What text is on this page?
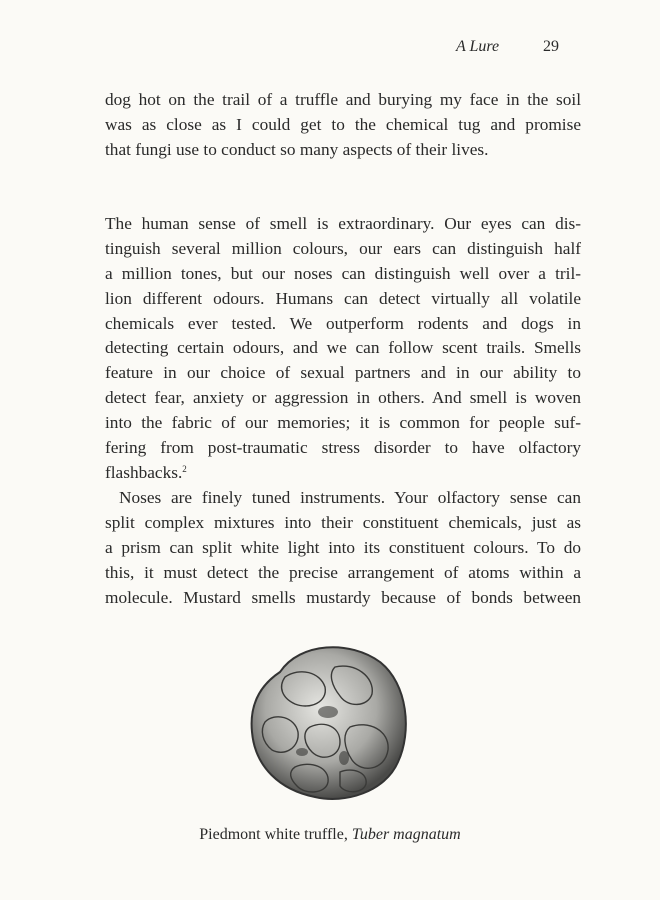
A Lure	29
dog hot on the trail of a truffle and burying my face in the soil
was as close as I could get to the chemical tug and promise
that fungi use to conduct so many aspects of their lives.
The human sense of smell is extraordinary. Our eyes can dis-
tinguish several million colours, our ears can distinguish half
a million tones, but our noses can distinguish well over a tril-
lion different odours. Humans can detect virtually all volatile
chemicals ever tested. We outperform rodents and dogs in
detecting certain odours, and we can follow scent trails. Smells
feature in our choice of sexual partners and in our ability to
detect fear, anxiety or aggression in others. And smell is woven
into the fabric of our memories; it is common for people suf-
fering from post-traumatic stress disorder to have olfactory
flashbacks.$^2$
Noses are finely tuned instruments. Your olfactory sense can
split complex mixtures into their constituent chemicals, just as
a prism can split white light into its constituent colours. To do
this, it must detect the precise arrangement of atoms within a
molecule. Mustard smells mustardy because of bonds between
Piedmont white truffle, Tuber magnatum
